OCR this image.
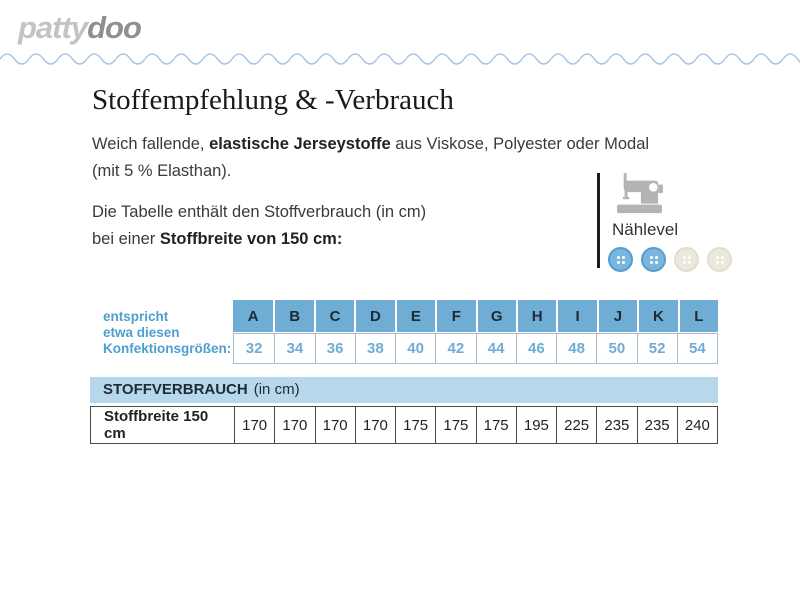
pattydoo
Stoffempfehlung & -Verbrauch

Weich fallende, elastische Jerseystoffe aus Viskose, Polyester oder Modal
(mit 5 % Elasthan).

Die Tabelle enthält den Stoffverbrauch (in cm)
bei einer Stoffbreite von 150 cm:	Nählevel
entspricht
etwa diesen
Konfektionsgrößen:
A	B	C	D	E	F	G	H	I	J	K	L
32	34	36	38	40	42	44	46	48	50	52	54
STOFFVERBRAUCH (in cm)
Stoffbreite 150 cm	170	170	170	170	175	175	175	195	225	235	235	240
